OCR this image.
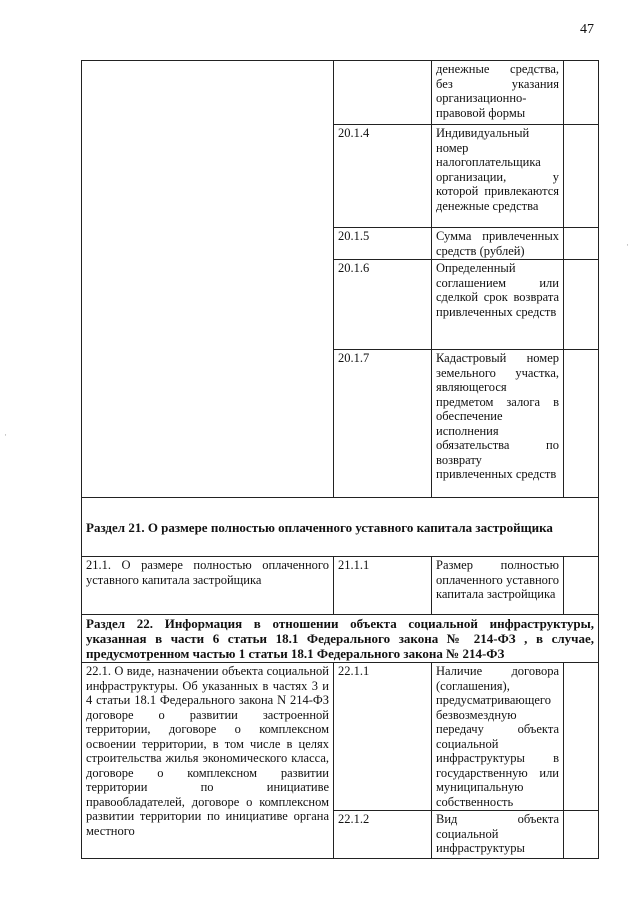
47
·
·
		денежные средства, без указания организационно-правовой формы	
	20.1.4	Индивидуальный номер налогоплательщика организации, у которой привлекаются денежные средства	
	20.1.5	Сумма привлеченных средств (рублей)	
	20.1.6	Определенный соглашением или сделкой срок возврата привлеченных средств	
	20.1.7	Кадастровый номер земельного участка, являющегося предметом залога в обеспечение исполнения обязательства по возврату привлеченных средств	
Раздел 21. О размере полностью оплаченного уставного капитала застройщика			
21.1. О размере полностью оплаченного уставного капитала застройщика	21.1.1	Размер полностью оплаченного уставного капитала застройщика	
Раздел 22. Информация в отношении объекта социальной инфраструктуры, указанная в части 6 статьи 18.1 Федерального закона № 214-ФЗ , в случае, предусмотренном частью 1 статьи 18.1 Федерального закона № 214-ФЗ			
22.1. О виде, назначении объекта социальной инфраструктуры. Об указанных в частях 3 и 4 статьи 18.1 Федерального закона N 214-ФЗ договоре о развитии застроенной территории, договоре о комплексном освоении территории, в том числе в целях строительства жилья экономического класса, договоре о комплексном развитии территории по инициативе правообладателей, договоре о комплексном развитии территории по инициативе органа местного	22.1.1	Наличие договора (соглашения), предусматривающего безвозмездную передачу объекта социальной инфраструктуры в государственную или муниципальную собственность	
	22.1.2	Вид объекта социальной инфраструктуры	
